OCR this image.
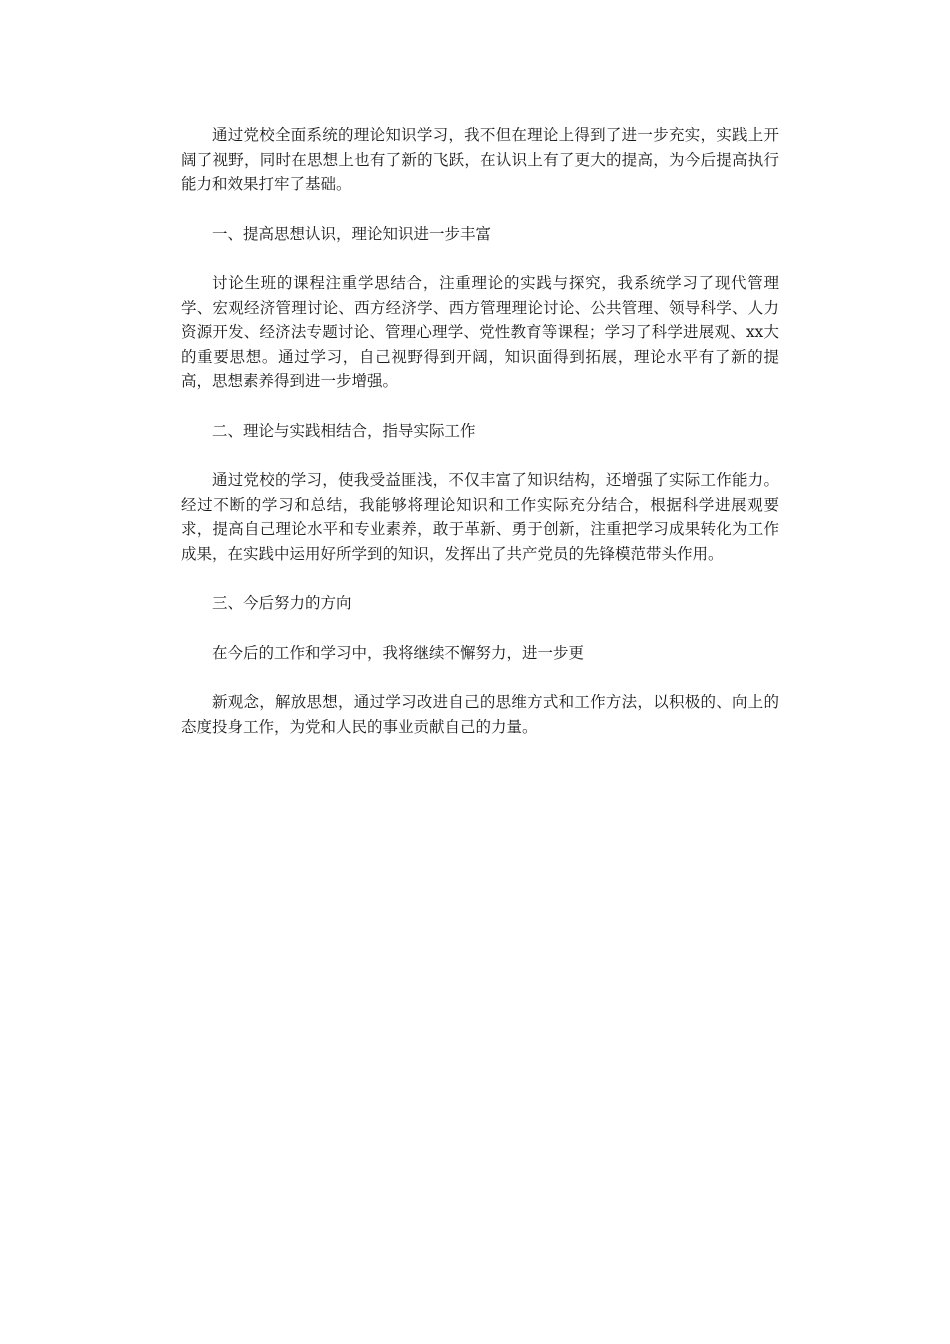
通过党校全面系统的理论知识学习，我不但在理论上得到了进一步充实，实践上开阔了视野，同时在思想上也有了新的飞跃，在认识上有了更大的提高，为今后提高执行能力和效果打牢了基础。

一、提高思想认识，理论知识进一步丰富

讨论生班的课程注重学思结合，注重理论的实践与探究，我系统学习了现代管理学、宏观经济管理讨论、西方经济学、西方管理理论讨论、公共管理、领导科学、人力资源开发、经济法专题讨论、管理心理学、党性教育等课程；学习了科学进展观、xx大的重要思想。通过学习，自己视野得到开阔，知识面得到拓展，理论水平有了新的提高，思想素养得到进一步增强。

二、理论与实践相结合，指导实际工作

通过党校的学习，使我受益匪浅，不仅丰富了知识结构，还增强了实际工作能力。经过不断的学习和总结，我能够将理论知识和工作实际充分结合，根据科学进展观要求，提高自己理论水平和专业素养，敢于革新、勇于创新，注重把学习成果转化为工作成果，在实践中运用好所学到的知识，发挥出了共产党员的先锋模范带头作用。

三、今后努力的方向

在今后的工作和学习中，我将继续不懈努力，进一步更

新观念，解放思想，通过学习改进自己的思维方式和工作方法，以积极的、向上的态度投身工作，为党和人民的事业贡献自己的力量。
